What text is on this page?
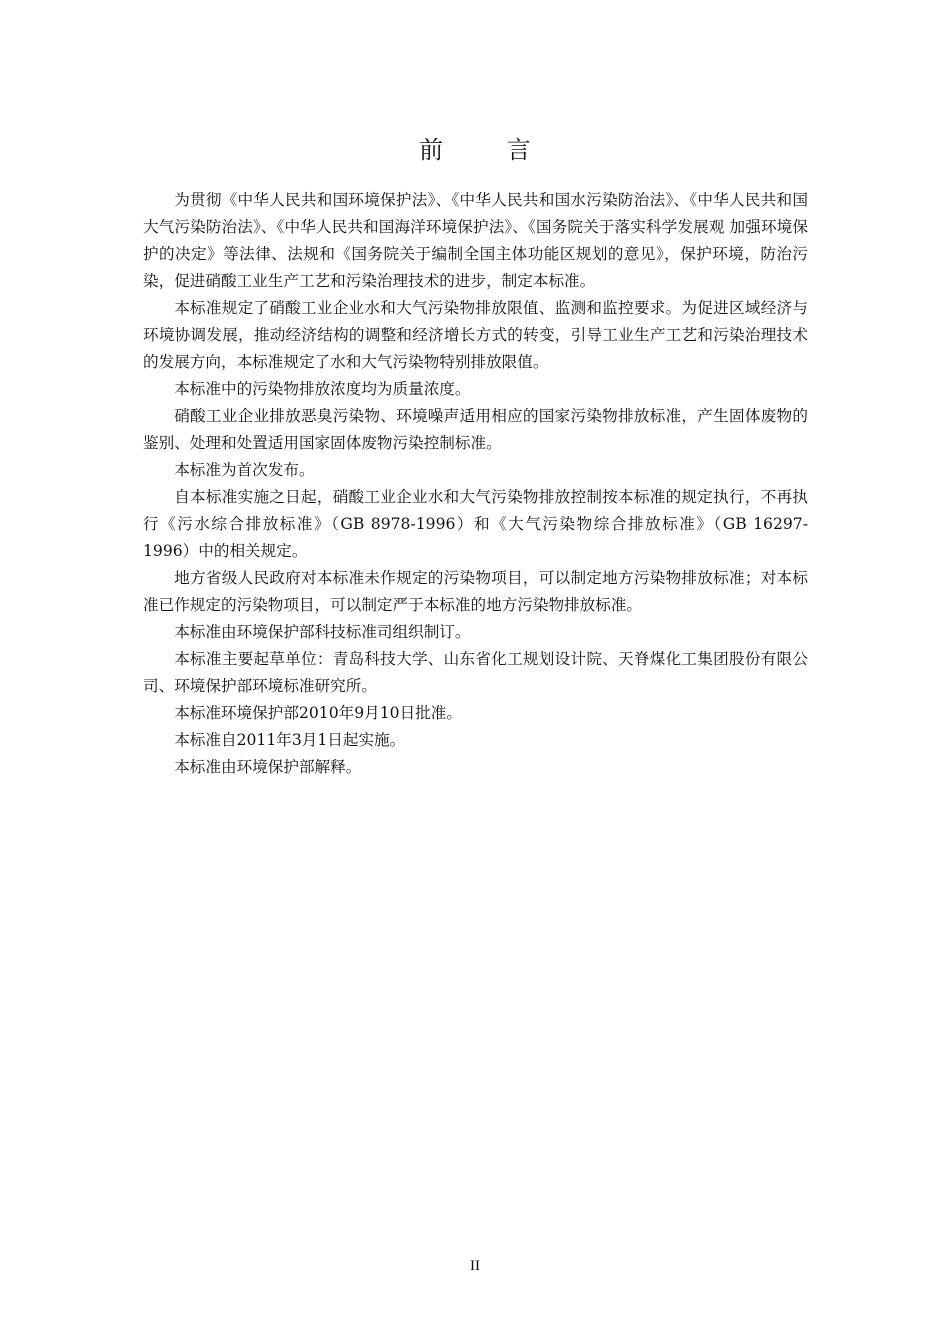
前 言

为贯彻《中华人民共和国环境保护法》、《中华人民共和国水污染防治法》、《中华人民共和国大气污染防治法》、《中华人民共和国海洋环境保护法》、《国务院关于落实科学发展观 加强环境保护的决定》等法律、法规和《国务院关于编制全国主体功能区规划的意见》，保护环境，防治污染，促进硝酸工业生产工艺和污染治理技术的进步，制定本标准。

本标准规定了硝酸工业企业水和大气污染物排放限值、监测和监控要求。为促进区域经济与环境协调发展，推动经济结构的调整和经济增长方式的转变，引导工业生产工艺和污染治理技术的发展方向，本标准规定了水和大气污染物特别排放限值。

本标准中的污染物排放浓度均为质量浓度。

硝酸工业企业排放恶臭污染物、环境噪声适用相应的国家污染物排放标准，产生固体废物的鉴别、处理和处置适用国家固体废物污染控制标准。

本标准为首次发布。

自本标准实施之日起，硝酸工业企业水和大气污染物排放控制按本标准的规定执行，不再执行《污水综合排放标准》（GB 8978-1996）和《大气污染物综合排放标准》（GB 16297-1996）中的相关规定。

地方省级人民政府对本标准未作规定的污染物项目，可以制定地方污染物排放标准；对本标准已作规定的污染物项目，可以制定严于本标准的地方污染物排放标准。

本标准由环境保护部科技标准司组织制订。

本标准主要起草单位：青岛科技大学、山东省化工规划设计院、天脊煤化工集团股份有限公司、环境保护部环境标准研究所。

本标准环境保护部2010年9月10日批准。

本标准自2011年3月1日起实施。

本标准由环境保护部解释。

II
